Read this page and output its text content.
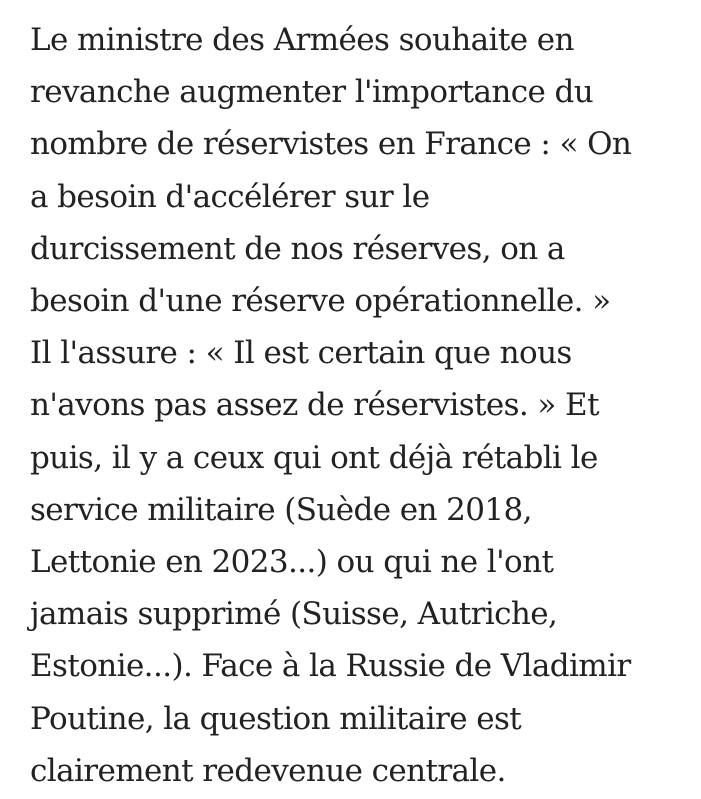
Le ministre des Armées souhaite en
revanche augmenter l'importance du
nombre de réservistes en France : « On
a besoin d'accélérer sur le
durcissement de nos réserves, on a
besoin d'une réserve opérationnelle. »
Il l'assure : « Il est certain que nous
n'avons pas assez de réservistes. » Et
puis, il y a ceux qui ont déjà rétabli le
service militaire (Suède en 2018,
Lettonie en 2023...) ou qui ne l'ont
jamais supprimé (Suisse, Autriche,
Estonie...). Face à la Russie de Vladimir
Poutine, la question militaire est
clairement redevenue centrale.
